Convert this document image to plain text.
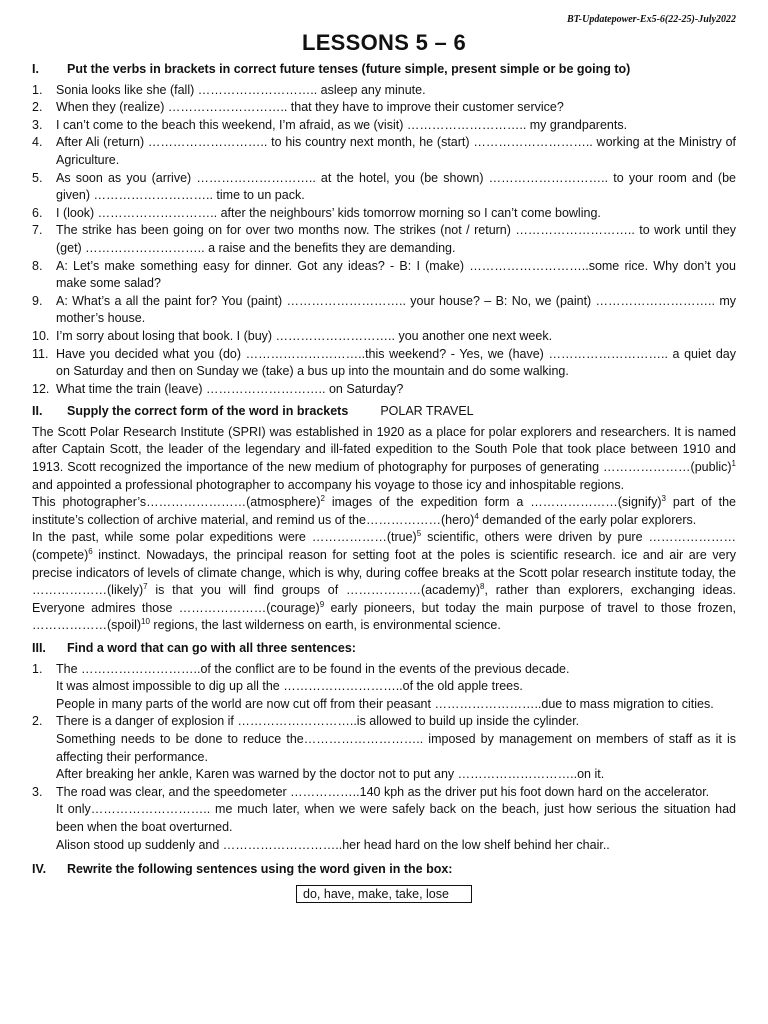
BT-Updatepower-Ex5-6(22-25)-July2022
LESSONS 5 – 6
I.	Put the verbs in brackets in correct future tenses (future simple, present simple or be going to)
1.	Sonia looks like she (fall) ……………………….. asleep any minute.
2.	When they (realize) ……………………….. that they have to improve their customer service?
3.	I can’t come to the beach this weekend, I’m afraid, as we (visit) ……………………….. my grandparents.
4.	After Ali (return) ……………………….. to his country next month, he (start) ……………………….. working at the Ministry of Agriculture.
5.	As soon as you (arrive) ……………………….. at the hotel, you (be shown) ……………………….. to your room and (be given) ……………………….. time to un pack.
6.	I (look) ……………………….. after the neighbours’ kids tomorrow morning so I can’t come bowling.
7.	The strike has been going on for over two months now. The strikes (not / return) ……………………….. to work until they (get) ……………………….. a raise and the benefits they are demanding.
8.	A: Let’s make something easy for dinner. Got any ideas? - B: I (make) ………………………..some rice. Why don’t you make some salad?
9.	A: What’s a all the paint for? You (paint) ……………………….. your house? – B: No, we (paint) ……………………….. my mother’s house.
10. I’m sorry about losing that book. I (buy) ……………………….. you another one next week.
11. Have you decided what you (do) ………………………..this weekend? - Yes, we (have) ……………………….. a quiet day on Saturday and then on Sunday we (take) a bus up into the mountain and do some walking.
12. What time the train (leave) ……………………….. on Saturday?
II.	Supply the correct form of the word in brackets	POLAR TRAVEL

The Scott Polar Research Institute (SPRI) was established in 1920 as a place for polar explorers and researchers. It is named after Captain Scott, the leader of the legendary and ill-fated expedition to the South Pole that took place between 1910 and 1913. Scott recognized the importance of the new medium of photography for purposes of generating …………………(public)$^1$ and appointed a professional photographer to accompany his voyage to those icy and inhospitable regions.

This photographer’s……………………(atmosphere)$^2$ images of the expedition form a …………………(signify)$^3$ part of the institute’s collection of archive material, and remind us of the………………(hero)$^4$ demanded of the early polar explorers.

In the past, while some polar expeditions were ………………(true)$^5$ scientific, others were driven by pure ………………… (compete)$^6$ instinct. Nowadays, the principal reason for setting foot at the poles is scientific research. ice and air are very precise indicators of levels of climate change, which is why, during coffee breaks at the Scott polar research institute today, the ………………(likely)$^7$ is that you will find groups of ………………(academy)$^8$, rather than explorers, exchanging ideas. Everyone admires those …………………(courage)$^9$ early pioneers, but today the main purpose of travel to those frozen, ………………(spoil)$^{10}$ regions, the last wilderness on earth, is environmental science.

III.	Find a word that can go with all three sentences:
1.	The ………………………..of the conflict are to be found in the events of the previous decade.
It was almost impossible to dig up all the ………………………..of the old apple trees.
People in many parts of the world are now cut off from their peasant ……………………..due to mass migration to cities.
2.	There is a danger of explosion if ………………………..is allowed to build up inside the cylinder.
Something needs to be done to reduce the……………………….. imposed by management on members of staff as it is affecting their performance.
After breaking her ankle, Karen was warned by the doctor not to put any ………………………..on it.
3.	The road was clear, and the speedometer ……………..140 kph as the driver put his foot down hard on the accelerator.
It only……………………….. me much later, when we were safely back on the beach, just how serious the situation had been when the boat overturned.
Alison stood up suddenly and ………………………..her head hard on the low shelf behind her chair..
IV.	Rewrite the following sentences using the word given in the box:
do, have, make, take, lose
